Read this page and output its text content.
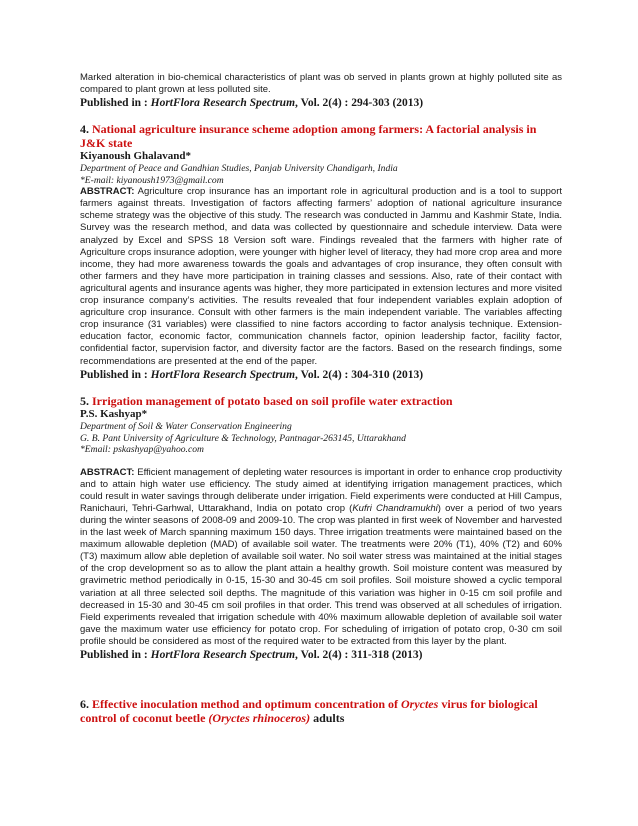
Marked alteration in bio-chemical characteristics of plant was ob served in plants grown at highly polluted site as compared to plant grown at less polluted site.

Published in : HortFlora Research Spectrum, Vol. 2(4) : 294-303 (2013)

4. National agriculture insurance scheme adoption among farmers: A factorial analysis in J&K state

Kiyanoush Ghalavand*

Department of Peace and Gandhian Studies, Panjab University Chandigarh, India

*E-mail: kiyanoush1973@gmail.com

ABSTRACT: Agriculture crop insurance has an important role in agricultural production and is a tool to support farmers against threats. Investigation of factors affecting farmers’ adoption of national agriculture insurance scheme strategy was the objective of this study. The research was conducted in Jammu and Kashmir State, India. Survey was the research method, and data was collected by questionnaire and schedule interview. Data were analyzed by Excel and SPSS 18 Version soft ware. Findings revealed that the farmers with higher rate of Agriculture crops insurance adoption, were younger with higher level of literacy, they had more crop area and more income, they had more awareness towards the goals and advantages of crop insurance, they often consult with other farmers and they have more participation in training classes and sessions. Also, rate of their contact with agricultural agents and insurance agents was higher, they more participated in extension lectures and more visited crop insurance company’s activities. The results revealed that four independent variables explain adoption of agriculture crop insurance. Consult with other farmers is the main independent variable. The variables affecting crop insurance (31 variables) were classified to nine factors according to factor analysis technique. Extension-education factor, economic factor, communication channels factor, opinion leadership factor, facility factor, confidential factor, supervision factor, and diversity factor are the factors. Based on the research findings, some recommendations are presented at the end of the paper.

Published in : HortFlora Research Spectrum, Vol. 2(4) : 304-310 (2013)

5. Irrigation management of potato based on soil profile water extraction

P.S. Kashyap*

Department of Soil & Water Conservation Engineering

G. B. Pant University of Agriculture & Technology, Pantnagar-263145, Uttarakhand

*Email: pskashyap@yahoo.com

ABSTRACT: Efficient management of depleting water resources is important in order to enhance crop productivity and to attain high water use efficiency. The study aimed at identifying irrigation management practices, which could result in water savings through deliberate under irrigation. Field experiments were conducted at Hill Campus, Ranichauri, Tehri-Garhwal, Uttarakhand, India on potato crop (Kufri Chandramukhi) over a period of two years during the winter seasons of 2008-09 and 2009-10. The crop was planted in first week of November and harvested in the last week of March spanning maximum 150 days. Three irrigation treatments were maintained based on the maximum allowable depletion (MAD) of available soil water. The treatments were 20% (T1), 40% (T2) and 60% (T3) maximum allow able depletion of available soil water. No soil water stress was maintained at the initial stages of the crop development so as to allow the plant attain a healthy growth. Soil moisture content was measured by gravimetric method periodically in 0-15, 15-30 and 30-45 cm soil profiles. Soil moisture showed a cyclic temporal variation at all three selected soil depths. The magnitude of this variation was higher in 0-15 cm soil profile and decreased in 15-30 and 30-45 cm soil profiles in that order. This trend was observed at all schedules of irrigation. Field experiments revealed that irrigation schedule with 40% maximum allowable depletion of available soil water gave the maximum water use efficiency for potato crop. For scheduling of irrigation of potato crop, 0-30 cm soil profile should be considered as most of the required water to be extracted from this layer by the plant.

Published in : HortFlora Research Spectrum, Vol. 2(4) : 311-318 (2013)

6. Effective inoculation method and optimum concentration of Oryctes virus for biological control of coconut beetle (Oryctes rhinoceros) adults
